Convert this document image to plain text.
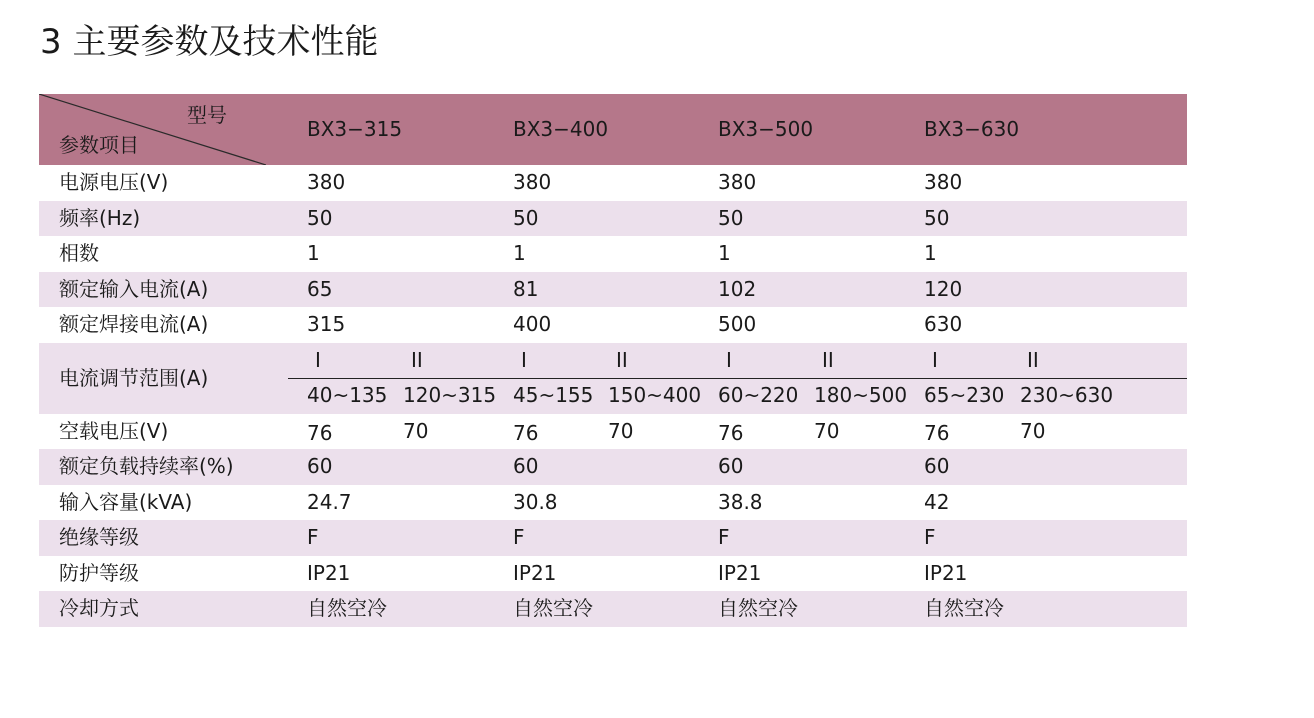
3 主要参数及技术性能
型号
参数项目
BX3−315	BX3−400	BX3−500	BX3−630
电源电压(V)	380	380	380	380
频率(Hz)	50	50	50	50
相数	1	1	1	1
额定输入电流(A)	65	81	102	120
额定焊接电流(A)	315	400	500	630
电流调节范围(A)
I	II	I	II	I	II	I	II
40~135 120~315 45~155 150~400 60~220 180~500 65~230 230~630
空载电压(V)	76	70	76	70	76	70	76	70
额定负载持续率(%)	60	60	60	60
输入容量(kVA)	24.7	30.8	38.8	42
绝缘等级	F	F	F	F
防护等级	IP21	IP21	IP21	IP21
冷却方式	自然空冷	自然空冷	自然空冷	自然空冷
